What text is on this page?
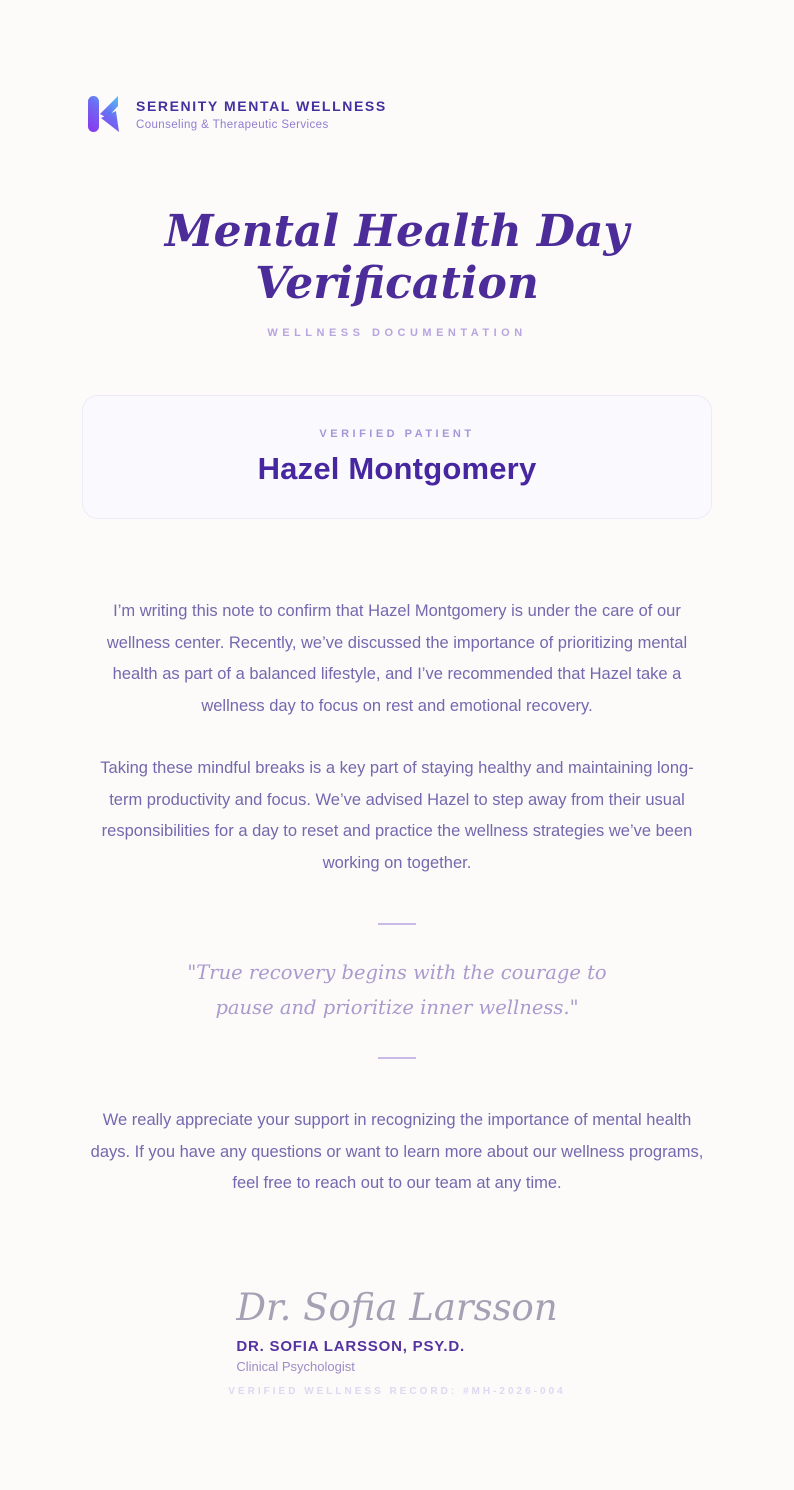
SERENITY MENTAL WELLNESS
Counseling & Therapeutic Services
Mental Health Day
Verification
WELLNESS DOCUMENTATION
VERIFIED PATIENT
Hazel Montgomery

I’m writing this note to confirm that Hazel Montgomery is under the care of our wellness center. Recently, we’ve discussed the importance of prioritizing mental health as part of a balanced lifestyle, and I’ve recommended that Hazel take a wellness day to focus on rest and emotional recovery.

Taking these mindful breaks is a key part of staying healthy and maintaining long-term productivity and focus. We’ve advised Hazel to step away from their usual responsibilities for a day to reset and practice the wellness strategies we’ve been working on together.

"True recovery begins with the courage to pause and prioritize inner wellness."

We really appreciate your support in recognizing the importance of mental health days. If you have any questions or want to learn more about our wellness programs, feel free to reach out to our team at any time.

Dr. Sofia Larsson
DR. SOFIA LARSSON, PSY.D.
Clinical Psychologist
VERIFIED WELLNESS RECORD: #MH-2026-004
